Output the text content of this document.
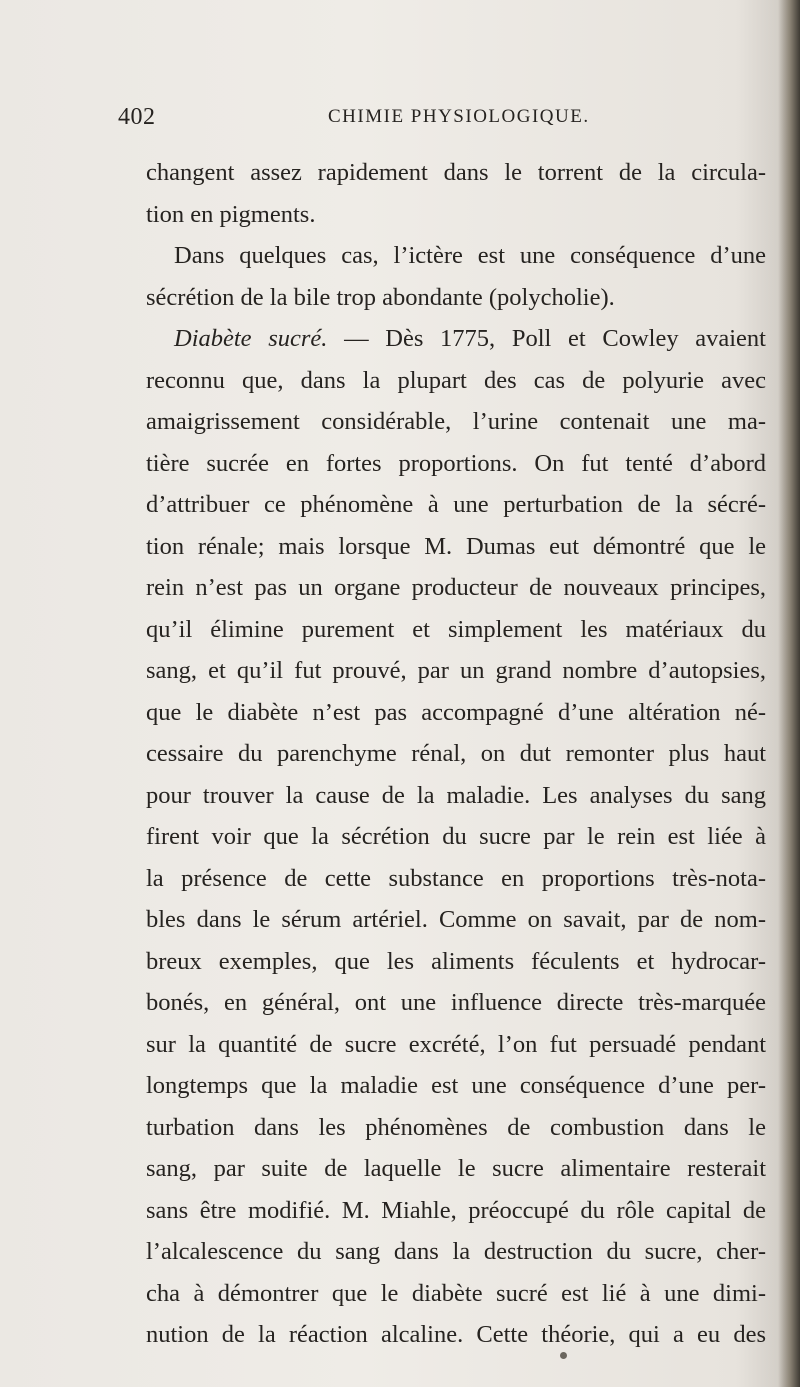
402	CHIMIE PHYSIOLOGIQUE.
changent assez rapidement dans le torrent de la circula-
tion en pigments.
Dans quelques cas, l’ictère est une conséquence d’une
sécrétion de la bile trop abondante (polycholie).
Diabète sucré. — Dès 1775, Poll et Cowley avaient
reconnu que, dans la plupart des cas de polyurie avec
amaigrissement considérable, l’urine contenait une ma-
tière sucrée en fortes proportions. On fut tenté d’abord
d’attribuer ce phénomène à une perturbation de la sécré-
tion rénale; mais lorsque M. Dumas eut démontré que le
rein n’est pas un organe producteur de nouveaux principes,
qu’il élimine purement et simplement les matériaux du
sang, et qu’il fut prouvé, par un grand nombre d’autopsies,
que le diabète n’est pas accompagné d’une altération né-
cessaire du parenchyme rénal, on dut remonter plus haut
pour trouver la cause de la maladie. Les analyses du sang
firent voir que la sécrétion du sucre par le rein est liée à
la présence de cette substance en proportions très-nota-
bles dans le sérum artériel. Comme on savait, par de nom-
breux exemples, que les aliments féculents et hydrocar-
bonés, en général, ont une influence directe très-marquée
sur la quantité de sucre excrété, l’on fut persuadé pendant
longtemps que la maladie est une conséquence d’une per-
turbation dans les phénomènes de combustion dans le
sang, par suite de laquelle le sucre alimentaire resterait
sans être modifié. M. Miahle, préoccupé du rôle capital de
l’alcalescence du sang dans la destruction du sucre, cher-
cha à démontrer que le diabète sucré est lié à une dimi-
nution de la réaction alcaline. Cette théorie, qui a eu des
